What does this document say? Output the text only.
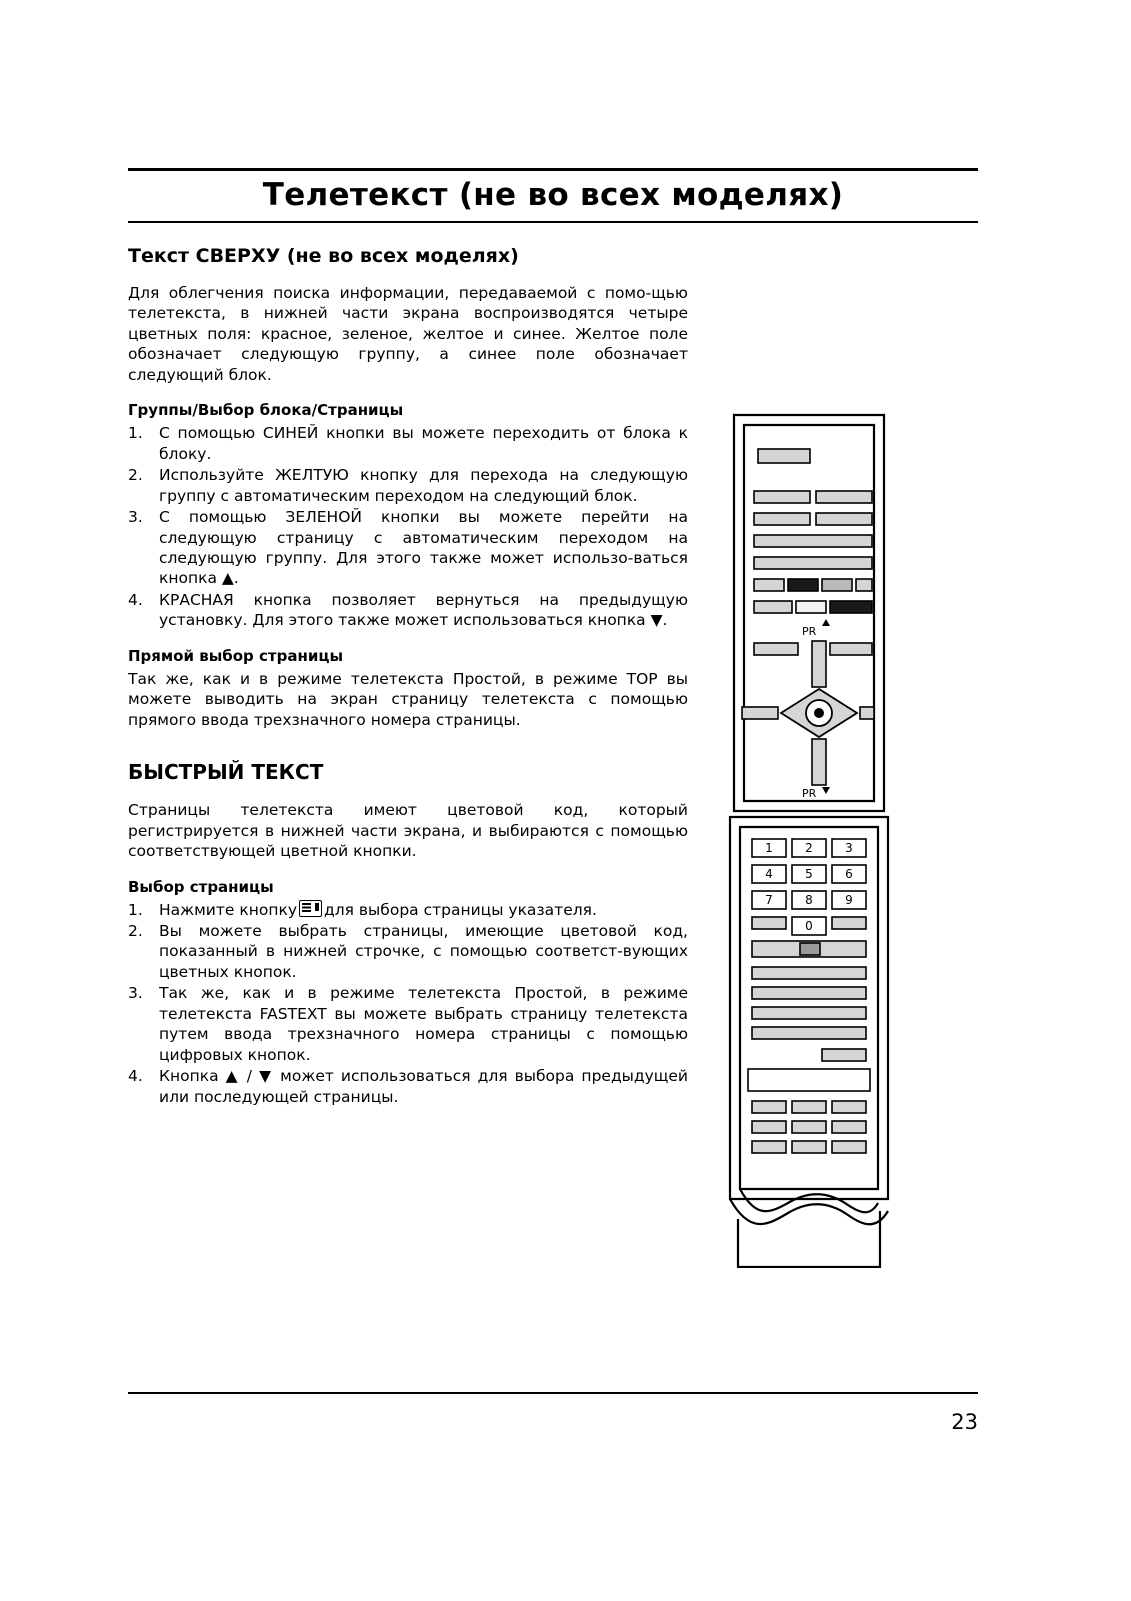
Телетекст (не во всех моделях)
Текст СВЕРХУ (не во всех моделях)

Для облегчения поиска информации, передаваемой с помо-щью телетекста, в нижней части экрана воспроизводятся четыре цветных поля: красное, зеленое, желтое и синее. Желтое поле обозначает следующую группу, а синее поле обозначает следующий блок.

Группы/Выбор блока/Страницы
1.	С помощью СИНЕЙ кнопки вы можете переходить от блока к блоку.
2.	Используйте ЖЕЛТУЮ кнопку для перехода на следующую группу с автоматическим переходом на следующий блок.
3.	С помощью ЗЕЛЕНОЙ кнопки вы можете перейти на следующую страницу с автоматическим переходом на следующую группу. Для этого также может использо-ваться кнопка ▲.
4.	КРАСНАЯ кнопка позволяет вернуться на предыдущую установку. Для этого также может использоваться кнопка ▼.
Прямой выбор страницы

Так же, как и в режиме телетекста Простой, в режиме TOP вы можете выводить на экран страницу телетекста с помощью прямого ввода трехзначного номера страницы.

БЫСТРЫЙ ТЕКСТ

Страницы телетекста имеют цветовой код, который регистрируется в нижней части экрана, и выбираются с помощью соответствующей цветной кнопки.

Выбор страницы
1.	Нажмите кнопку для выбора страницы указателя.
2.	Вы можете выбрать страницы, имеющие цветовой код, показанный в нижней строчке, с помощью соответст-вующих цветных кнопок.
3.	Так же, как и в режиме телетекста Простой, в режиме телетекста FASTEXT вы можете выбрать страницу телетекста путем ввода трехзначного номера страницы с помощью цифровых кнопок.
4.	Кнопка ▲ / ▼ может использоваться для выбора предыдущей или последующей страницы.
PR
PR
1	2	3
4	5	6
7	8	9
0
23
